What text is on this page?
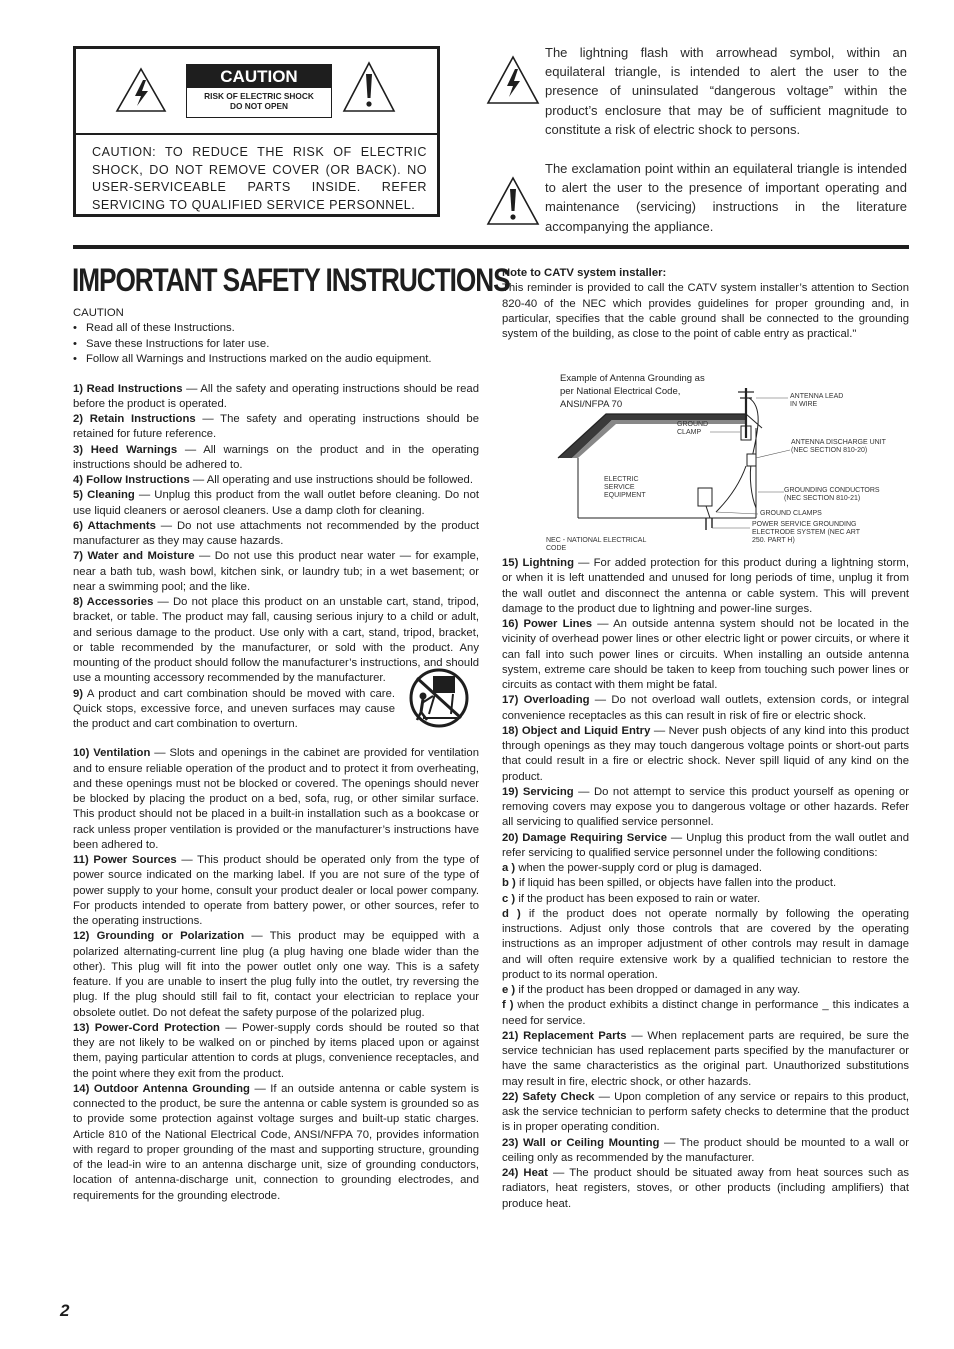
CAUTION
RISK OF ELECTRIC SHOCK
DO NOT OPEN
CAUTION: TO REDUCE THE RISK OF ELECTRIC SHOCK, DO NOT REMOVE COVER (OR BACK). NO USER-SERVICEABLE PARTS INSIDE. REFER SERVICING TO QUALIFIED SERVICE PERSONNEL.
The lightning flash with arrowhead symbol, within an equilateral triangle, is intended to alert the user to the presence of uninsulated “dangerous voltage” within the product’s enclosure that may be of sufficient magnitude to constitute a risk of electric shock to persons.
The exclamation point within an equilateral triangle is intended to alert the user to the presence of important operating and maintenance (servicing) instructions in the literature accompanying the appliance.
IMPORTANT SAFETY INSTRUCTIONS
CAUTION
• Read all of these Instructions.
• Save these Instructions for later use.
• Follow all Warnings and Instructions marked on the audio equipment.

1) Read Instructions — All the safety and operating instructions should be read before the product is operated.

2) Retain Instructions — The safety and operating instructions should be retained for future reference.

3) Heed Warnings — All warnings on the product and in the operating instructions should be adhered to.

4) Follow Instructions — All operating and use instructions should be followed.

5) Cleaning — Unplug this product from the wall outlet before cleaning. Do not use liquid cleaners or aerosol cleaners. Use a damp cloth for cleaning.

6) Attachments — Do not use attachments not recommended by the product manufacturer as they may cause hazards.

7) Water and Moisture — Do not use this product near water — for example, near a bath tub, wash bowl, kitchen sink, or laundry tub; in a wet basement; or near a swimming pool; and the like.

8) Accessories — Do not place this product on an unstable cart, stand, tripod, bracket, or table. The product may fall, causing serious injury to a child or adult, and serious damage to the product. Use only with a cart, stand, tripod, bracket, or table recommended by the manufacturer, or sold with the product. Any mounting of the product should follow the manufacturer’s instructions, and should use a mounting accessory recommended by the manufacturer.

9) A product and cart combination should be moved with care. Quick stops, excessive force, and uneven surfaces may cause the product and cart combination to overturn.

10) Ventilation — Slots and openings in the cabinet are provided for ventilation and to ensure reliable operation of the product and to protect it from overheating, and these openings must not be blocked or covered. The openings should never be blocked by placing the product on a bed, sofa, rug, or other similar surface. This product should not be placed in a built-in installation such as a bookcase or rack unless proper ventilation is provided or the manufacturer’s instructions have been adhered to.

11) Power Sources — This product should be operated only from the type of power source indicated on the marking label. If you are not sure of the type of power supply to your home, consult your product dealer or local power company. For products intended to operate from battery power, or other sources, refer to the operating instructions.

12) Grounding or Polarization — This product may be equipped with a polarized alternating-current line plug (a plug having one blade wider than the other). This plug will fit into the power outlet only one way. This is a safety feature. If you are unable to insert the plug fully into the outlet, try reversing the plug. If the plug should still fail to fit, contact your electrician to replace your obsolete outlet. Do not defeat the safety purpose of the polarized plug.

13) Power-Cord Protection — Power-supply cords should be routed so that they are not likely to be walked on or pinched by items placed upon or against them, paying particular attention to cords at plugs, convenience receptacles, and the point where they exit from the product.

14) Outdoor Antenna Grounding — If an outside antenna or cable system is connected to the product, be sure the antenna or cable system is grounded so as to provide some protection against voltage surges and built-up static charges. Article 810 of the National Electrical Code, ANSI/NFPA 70, provides information with regard to proper grounding of the mast and supporting structure, grounding of the lead-in wire to an antenna discharge unit, size of grounding conductors, location of antenna-discharge unit, connection to grounding electrodes, and requirements for the grounding electrode.

Note to CATV system installer:

This reminder is provided to call the CATV system installer’s attention to Section 820-40 of the NEC which provides guidelines for proper grounding and, in particular, specifies that the cable ground shall be connected to the grounding system of the building, as close to the point of cable entry as practical."

Example of Antenna Grounding as per National Electrical Code, ANSI/NFPA 70
ANTENNA LEAD IN WIRE
GROUND CLAMP
ANTENNA DISCHARGE UNIT (NEC SECTION 810-20)
ELECTRIC SERVICE EQUIPMENT
GROUNDING CONDUCTORS (NEC SECTION 810-21)
GROUND CLAMPS
POWER SERVICE GROUNDING ELECTRODE SYSTEM (NEC ART 250. PART H)
NEC - NATIONAL ELECTRICAL CODE

15) Lightning — For added protection for this product during a lightning storm, or when it is left unattended and unused for long periods of time, unplug it from the wall outlet and disconnect the antenna or cable system. This will prevent damage to the product due to lightning and power-line surges.

16) Power Lines — An outside antenna system should not be located in the vicinity of overhead power lines or other electric light or power circuits, or where it can fall into such power lines or circuits. When installing an outside antenna system, extreme care should be taken to keep from touching such power lines or circuits as contact with them might be fatal.

17) Overloading — Do not overload wall outlets, extension cords, or integral convenience receptacles as this can result in risk of fire or electric shock.

18) Object and Liquid Entry — Never push objects of any kind into this product through openings as they may touch dangerous voltage points or short-out parts that could result in a fire or electric shock. Never spill liquid of any kind on the product.

19) Servicing — Do not attempt to service this product yourself as opening or removing covers may expose you to dangerous voltage or other hazards. Refer all servicing to qualified service personnel.

20) Damage Requiring Service — Unplug this product from the wall outlet and refer servicing to qualified service personnel under the following conditions:

a ) when the power-supply cord or plug is damaged.

b ) if liquid has been spilled, or objects have fallen into the product.

c ) if the product has been exposed to rain or water.

d ) if the product does not operate normally by following the operating instructions. Adjust only those controls that are covered by the operating instructions as an improper adjustment of other controls may result in damage and will often require extensive work by a qualified technician to restore the product to its normal operation.

e ) if the product has been dropped or damaged in any way.

f ) when the product exhibits a distinct change in performance _ this indicates a need for service.

21) Replacement Parts — When replacement parts are required, be sure the service technician has used replacement parts specified by the manufacturer or have the same characteristics as the original part. Unauthorized substitutions may result in fire, electric shock, or other hazards.

22) Safety Check — Upon completion of any service or repairs to this product, ask the service technician to perform safety checks to determine that the product is in proper operating condition.

23) Wall or Ceiling Mounting — The product should be mounted to a wall or ceiling only as recommended by the manufacturer.

24) Heat — The product should be situated away from heat sources such as radiators, heat registers, stoves, or other products (including amplifiers) that produce heat.

2
